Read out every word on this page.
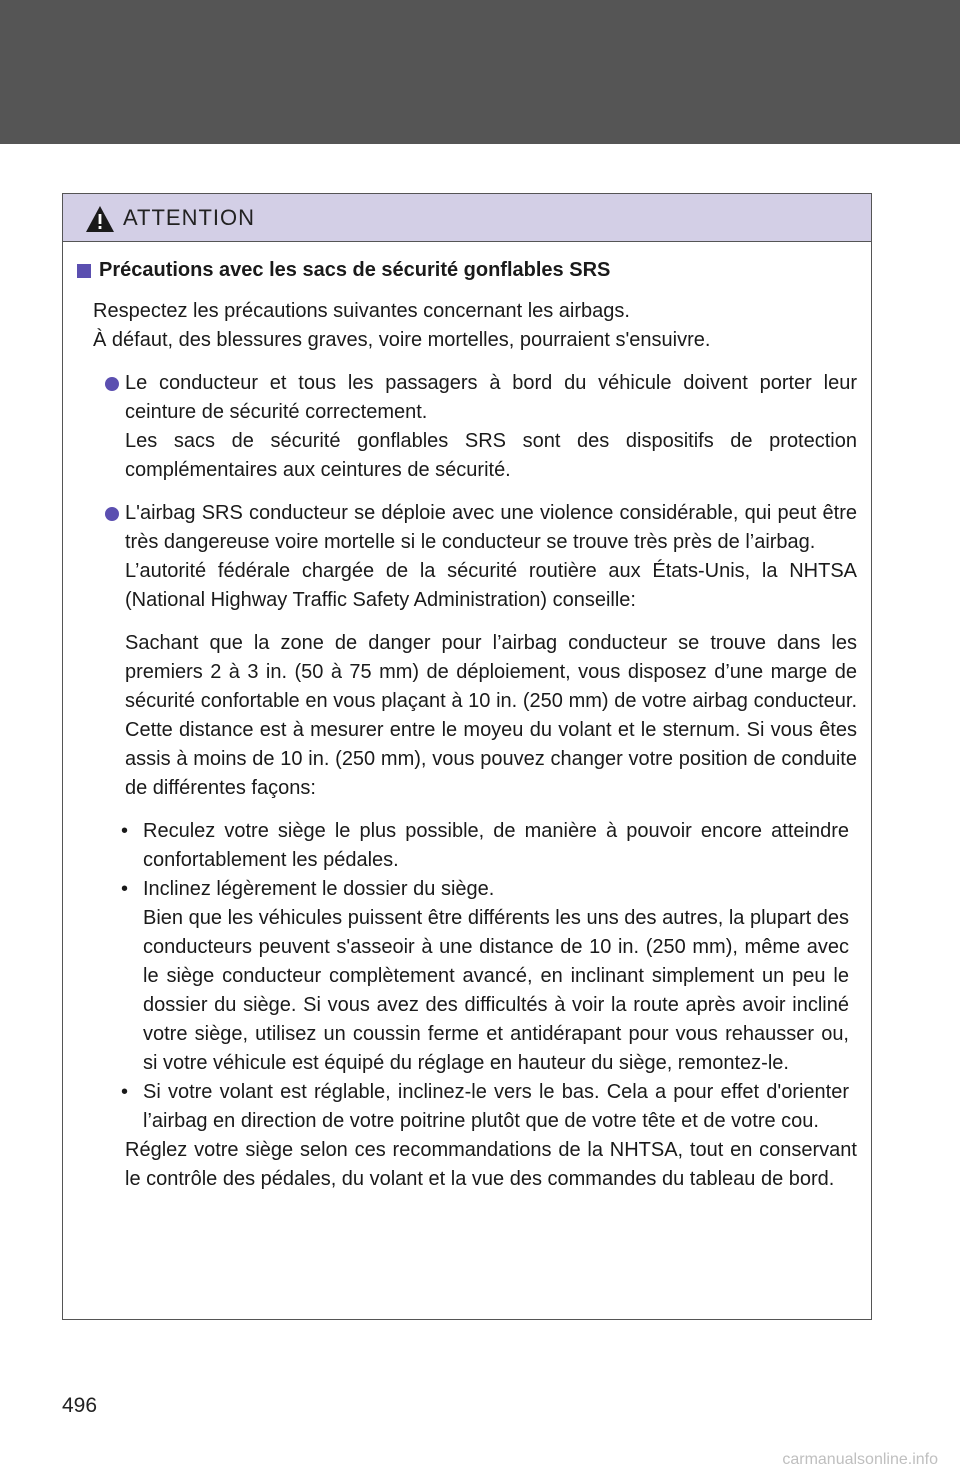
ATTENTION
Précautions avec les sacs de sécurité gonflables SRS

Respectez les précautions suivantes concernant les airbags.

À défaut, des blessures graves, voire mortelles, pourraient s'ensuivre.

Le conducteur et tous les passagers à bord du véhicule doivent porter leur ceinture de sécurité correctement.

Les sacs de sécurité gonflables SRS sont des dispositifs de protection complémentaires aux ceintures de sécurité.

L'airbag SRS conducteur se déploie avec une violence considérable, qui peut être très dangereuse voire mortelle si le conducteur se trouve très près de l’airbag.

L’autorité fédérale chargée de la sécurité routière aux États-Unis, la NHTSA (National Highway Traffic Safety Administration) conseille:

Sachant que la zone de danger pour l’airbag conducteur se trouve dans les premiers 2 à 3 in. (50 à 75 mm) de déploiement, vous disposez d’une marge de sécurité confortable en vous plaçant à 10 in. (250 mm) de votre airbag conducteur. Cette distance est à mesurer entre le moyeu du volant et le sternum. Si vous êtes assis à moins de 10 in. (250 mm), vous pouvez changer votre position de conduite de différentes façons:

• Reculez votre siège le plus possible, de manière à pouvoir encore atteindre confortablement les pédales.
• Inclinez légèrement le dossier du siège.

Bien que les véhicules puissent être différents les uns des autres, la plupart des conducteurs peuvent s'asseoir à une distance de 10 in. (250 mm), même avec le siège conducteur complètement avancé, en inclinant simplement un peu le dossier du siège. Si vous avez des difficultés à voir la route après avoir incliné votre siège, utilisez un coussin ferme et antidérapant pour vous rehausser ou, si votre véhicule est équipé du réglage en hauteur du siège, remontez-le.

• Si votre volant est réglable, inclinez-le vers le bas. Cela a pour effet d'orienter l’airbag en direction de votre poitrine plutôt que de votre tête et de votre cou.

Réglez votre siège selon ces recommandations de la NHTSA, tout en conservant le contrôle des pédales, du volant et la vue des commandes du tableau de bord.

496
carmanualsonline.info
